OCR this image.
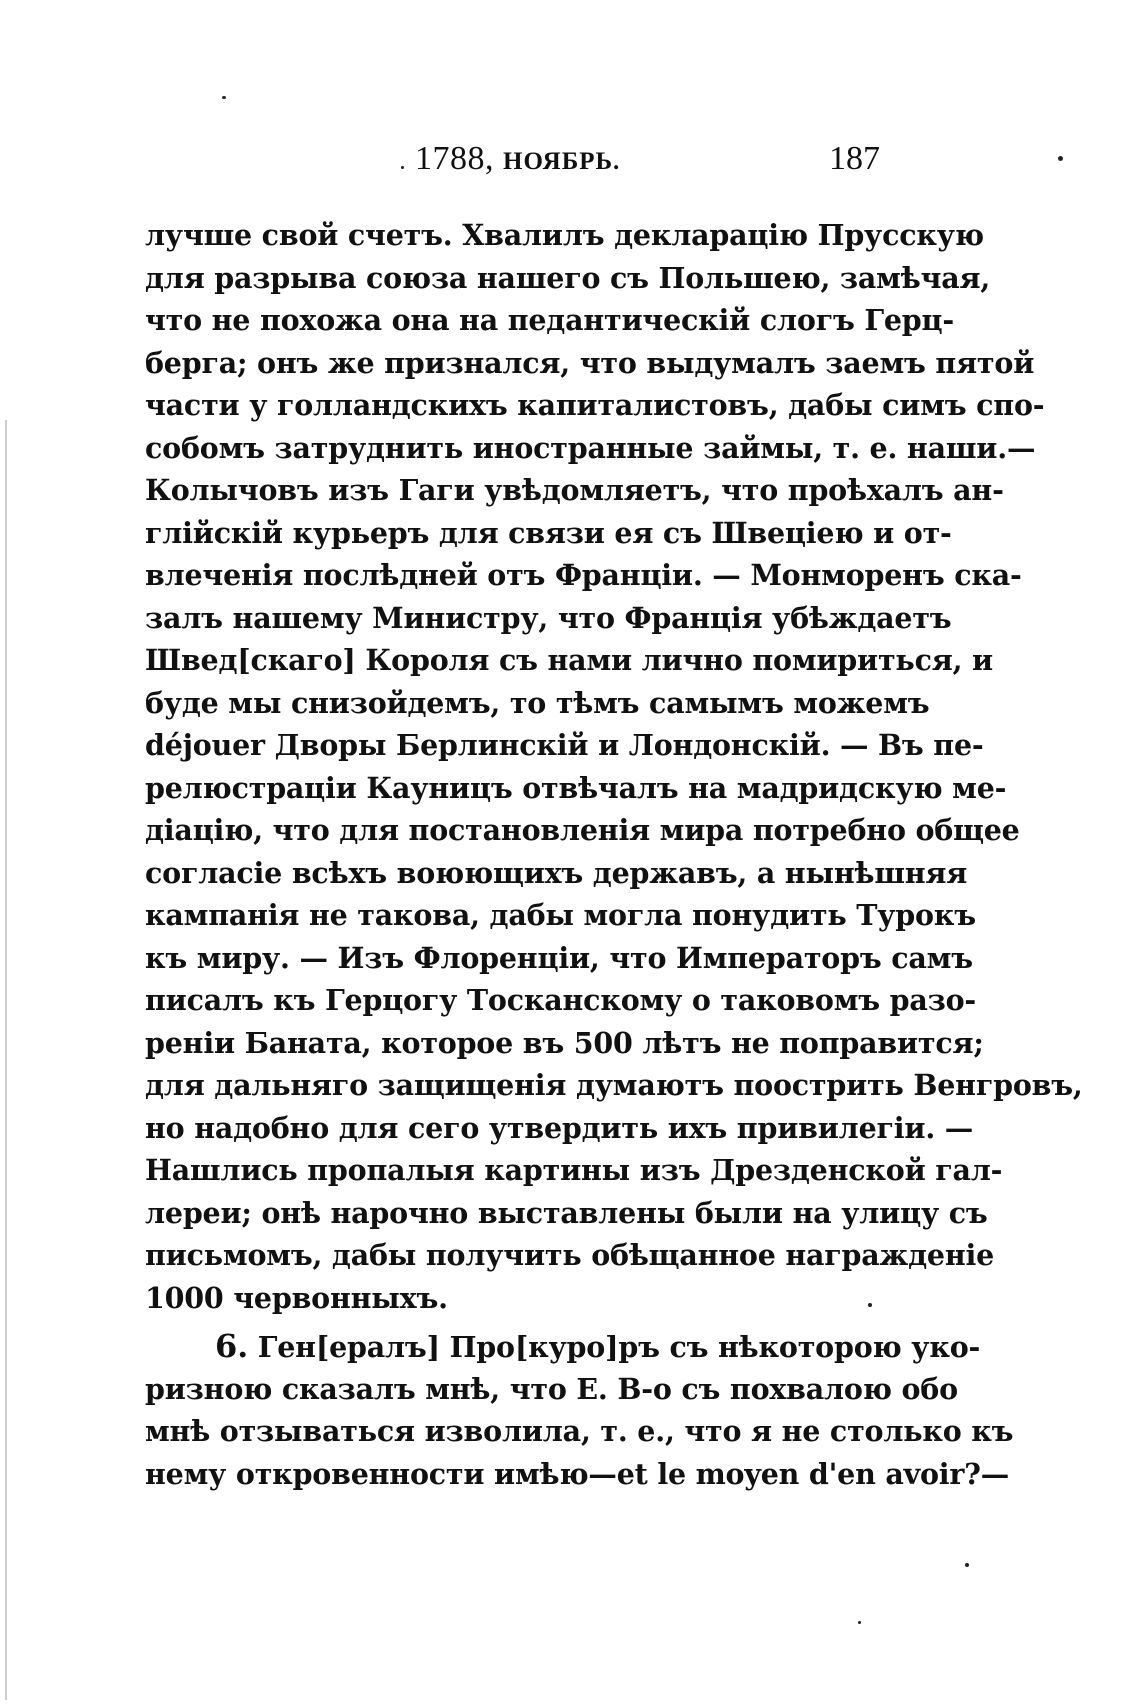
1788, НОЯБРЬ.	187
лучше свой счетъ. Хвалилъ декларацію Прусскую
для разрыва союза нашего съ Польшею, замѣчая,
что не похожа она на педантическій слогъ Герц-
берга; онъ же признался, что выдумалъ заемъ пятой
части у голландскихъ капиталистовъ, дабы симъ спо-
собомъ затруднить иностранные займы, т. е. наши.—
Колычовъ изъ Гаги увѣдомляетъ, что проѣхалъ ан-
глійскій курьеръ для связи ея съ Швеціею и от-
влеченія послѣдней отъ Франціи. — Монморенъ ска-
залъ нашему Министру, что Франція убѣждаетъ
Швед[скаго] Короля съ нами лично помириться, и
буде мы снизойдемъ, то тѣмъ самымъ можемъ
déjouer Дворы Берлинскій и Лондонскій. — Въ пе-
релюстраціи Кауницъ отвѣчалъ на мадридскую ме-
діацію, что для постановленія мира потребно общее
согласіе всѣхъ воюющихъ державъ, а нынѣшняя
кампанія не такова, дабы могла понудить Турокъ
къ миру. — Изъ Флоренціи, что Императоръ самъ
писалъ къ Герцогу Тосканскому о таковомъ разо-
реніи Баната, которое въ 500 лѣтъ не поправится;
для дальняго защищенія думаютъ поострить Венгровъ,
но надобно для сего утвердить ихъ привилегіи. —
Нашлись пропалыя картины изъ Дрезденской гал-
лереи; онѣ нарочно выставлены были на улицу съ
письмомъ, дабы получить обѣщанное награжденіе
1000 червонныхъ.
6. Ген[ералъ] Про[куро]ръ съ нѣкоторою уко-
ризною сказалъ мнѣ, что Е. В-о съ похвалою обо
мнѣ отзываться изволила, т. е., что я не столько къ
нему откровенности имѣю—et le moyen d'en avoir?—
